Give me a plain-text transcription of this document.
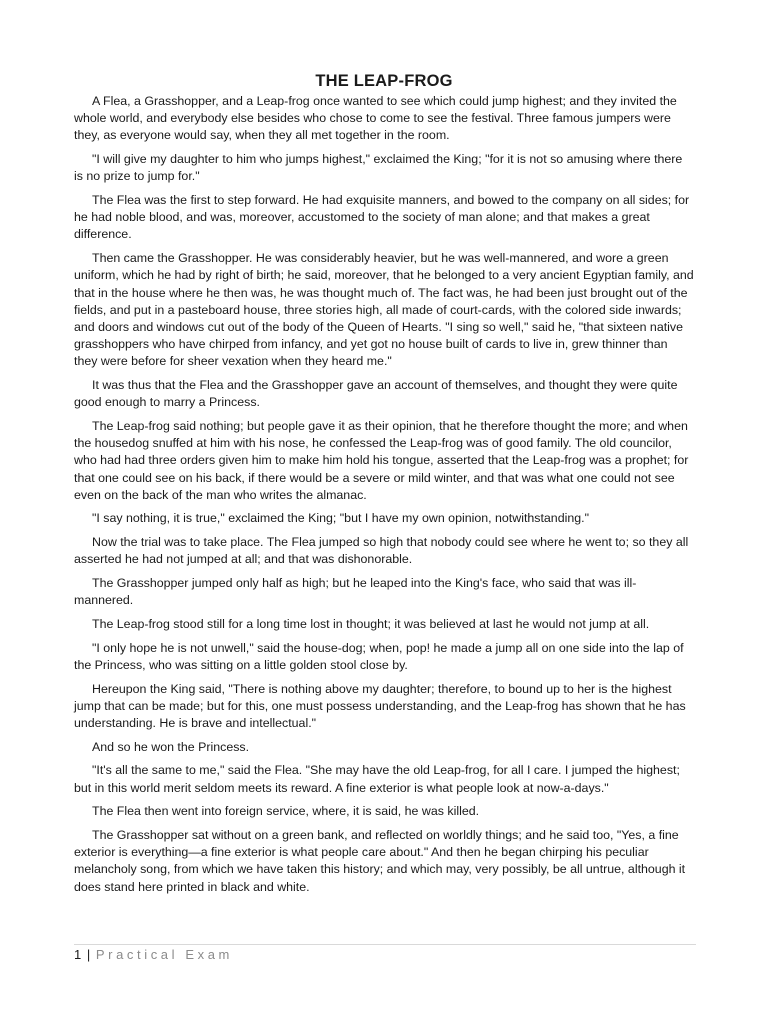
THE LEAP-FROG

A Flea, a Grasshopper, and a Leap-frog once wanted to see which could jump highest; and they invited the whole world, and everybody else besides who chose to come to see the festival. Three famous jumpers were they, as everyone would say, when they all met together in the room.

"I will give my daughter to him who jumps highest," exclaimed the King; "for it is not so amusing where there is no prize to jump for."

The Flea was the first to step forward. He had exquisite manners, and bowed to the company on all sides; for he had noble blood, and was, moreover, accustomed to the society of man alone; and that makes a great difference.

Then came the Grasshopper. He was considerably heavier, but he was well-mannered, and wore a green uniform, which he had by right of birth; he said, moreover, that he belonged to a very ancient Egyptian family, and that in the house where he then was, he was thought much of. The fact was, he had been just brought out of the fields, and put in a pasteboard house, three stories high, all made of court-cards, with the colored side inwards; and doors and windows cut out of the body of the Queen of Hearts. "I sing so well," said he, "that sixteen native grasshoppers who have chirped from infancy, and yet got no house built of cards to live in, grew thinner than they were before for sheer vexation when they heard me."

It was thus that the Flea and the Grasshopper gave an account of themselves, and thought they were quite good enough to marry a Princess.

The Leap-frog said nothing; but people gave it as their opinion, that he therefore thought the more; and when the housedog snuffed at him with his nose, he confessed the Leap-frog was of good family. The old councilor, who had had three orders given him to make him hold his tongue, asserted that the Leap-frog was a prophet; for that one could see on his back, if there would be a severe or mild winter, and that was what one could not see even on the back of the man who writes the almanac.

"I say nothing, it is true," exclaimed the King; "but I have my own opinion, notwithstanding."

Now the trial was to take place. The Flea jumped so high that nobody could see where he went to; so they all asserted he had not jumped at all; and that was dishonorable.

The Grasshopper jumped only half as high; but he leaped into the King's face, who said that was ill-mannered.

The Leap-frog stood still for a long time lost in thought; it was believed at last he would not jump at all.

"I only hope he is not unwell," said the house-dog; when, pop! he made a jump all on one side into the lap of the Princess, who was sitting on a little golden stool close by.

Hereupon the King said, "There is nothing above my daughter; therefore, to bound up to her is the highest jump that can be made; but for this, one must possess understanding, and the Leap-frog has shown that he has understanding. He is brave and intellectual."

And so he won the Princess.

"It's all the same to me," said the Flea. "She may have the old Leap-frog, for all I care. I jumped the highest; but in this world merit seldom meets its reward. A fine exterior is what people look at now-a-days."

The Flea then went into foreign service, where, it is said, he was killed.

The Grasshopper sat without on a green bank, and reflected on worldly things; and he said too, "Yes, a fine exterior is everything—a fine exterior is what people care about." And then he began chirping his peculiar melancholy song, from which we have taken this history; and which may, very possibly, be all untrue, although it does stand here printed in black and white.

1 | Practical Exam
